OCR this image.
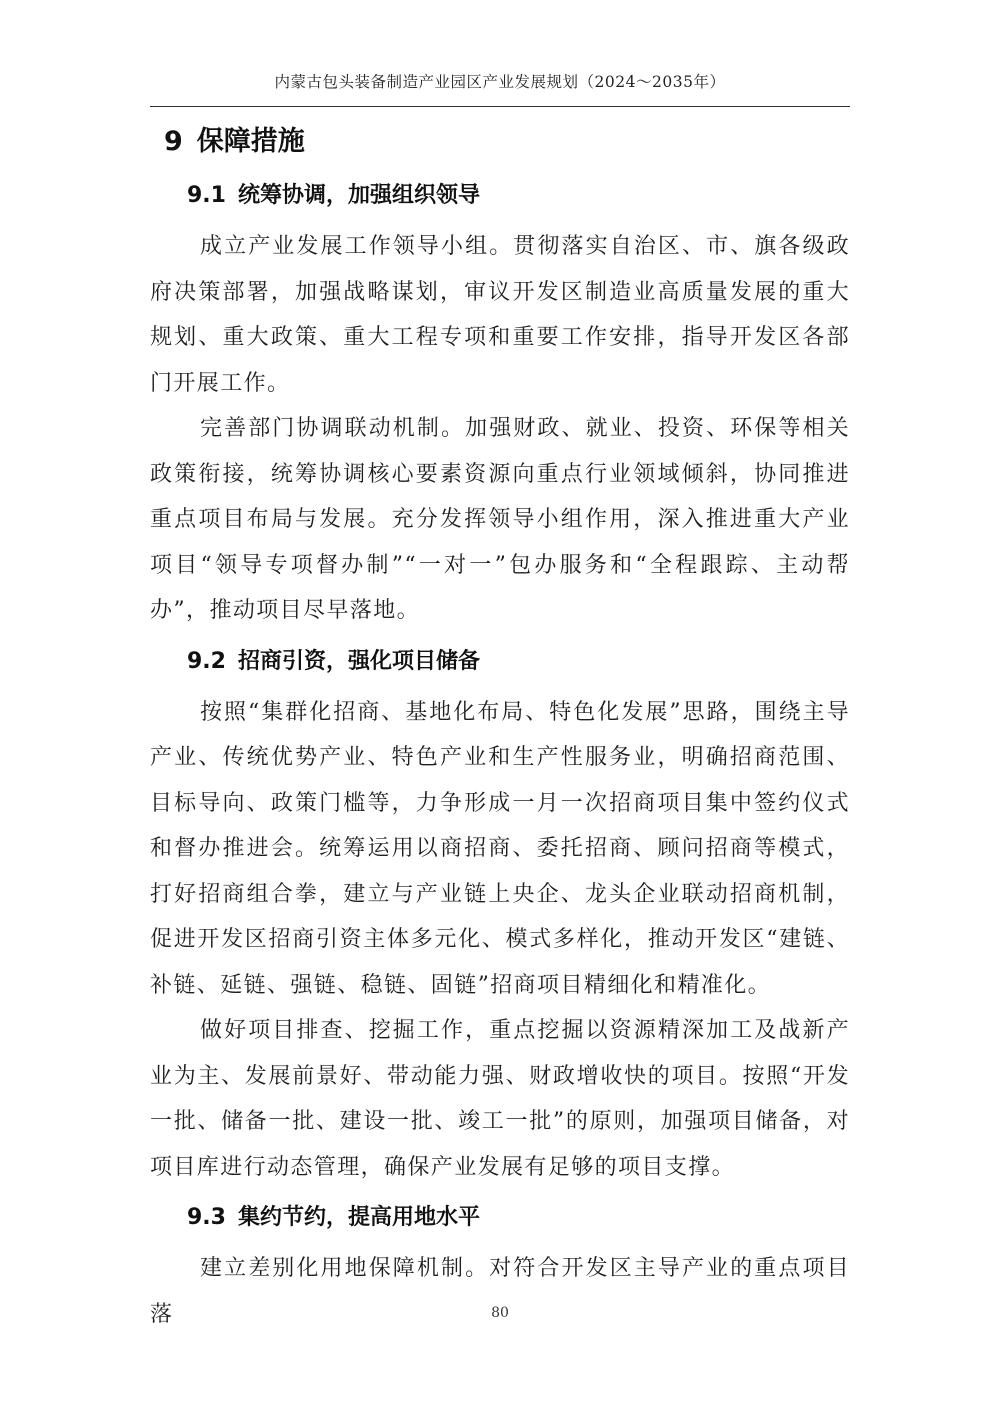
内蒙古包头装备制造产业园区产业发展规划（2024～2035年）
9 保障措施
9.1 统筹协调，加强组织领导

成立产业发展工作领导小组。贯彻落实自治区、市、旗各级政府决策部署，加强战略谋划，审议开发区制造业高质量发展的重大规划、重大政策、重大工程专项和重要工作安排，指导开发区各部门开展工作。

完善部门协调联动机制。加强财政、就业、投资、环保等相关政策衔接，统筹协调核心要素资源向重点行业领域倾斜，协同推进重点项目布局与发展。充分发挥领导小组作用，深入推进重大产业项目“领导专项督办制”“一对一”包办服务和“全程跟踪、主动帮办”，推动项目尽早落地。

9.2 招商引资，强化项目储备

按照“集群化招商、基地化布局、特色化发展”思路，围绕主导产业、传统优势产业、特色产业和生产性服务业，明确招商范围、目标导向、政策门槛等，力争形成一月一次招商项目集中签约仪式和督办推进会。统筹运用以商招商、委托招商、顾问招商等模式，打好招商组合拳，建立与产业链上央企、龙头企业联动招商机制，促进开发区招商引资主体多元化、模式多样化，推动开发区“建链、补链、延链、强链、稳链、固链”招商项目精细化和精准化。

做好项目排查、挖掘工作，重点挖掘以资源精深加工及战新产业为主、发展前景好、带动能力强、财政增收快的项目。按照“开发一批、储备一批、建设一批、竣工一批”的原则，加强项目储备，对项目库进行动态管理，确保产业发展有足够的项目支撑。

9.3 集约节约，提高用地水平

建立差别化用地保障机制。对符合开发区主导产业的重点项目落	80
